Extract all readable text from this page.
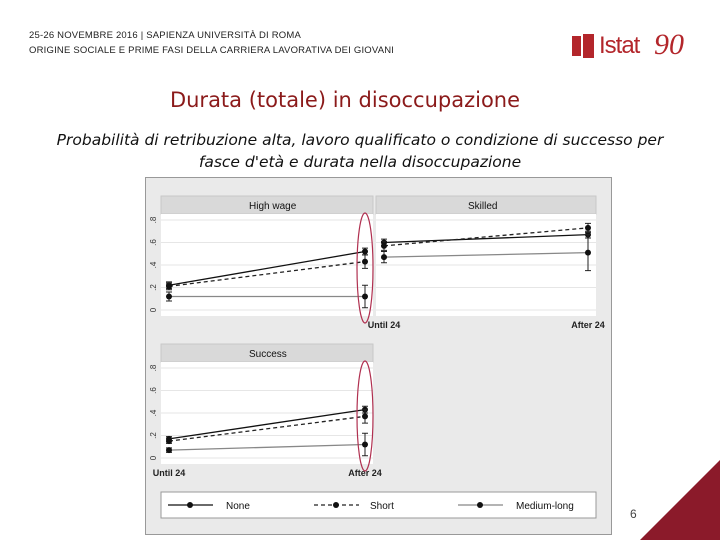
25-26 NOVEMBRE 2016 | SAPIENZA UNIVERSITÀ DI ROMA
ORIGINE SOCIALE E PRIME FASI DELLA CARRIERA LAVORATIVA DEI GIOVANI	Istat 90
Durata (totale) in disoccupazione
Probabilità di retribuzione alta, lavoro qualificato o condizione di successo per
fasce d'età e durata nella disoccupazione
High wage
0
.2
.4
.6
.8
Skilled
Until 24	After 24
Success
0
.2
.4
.6
.8
Until 24	After 24
None	Short	Medium-long
6
